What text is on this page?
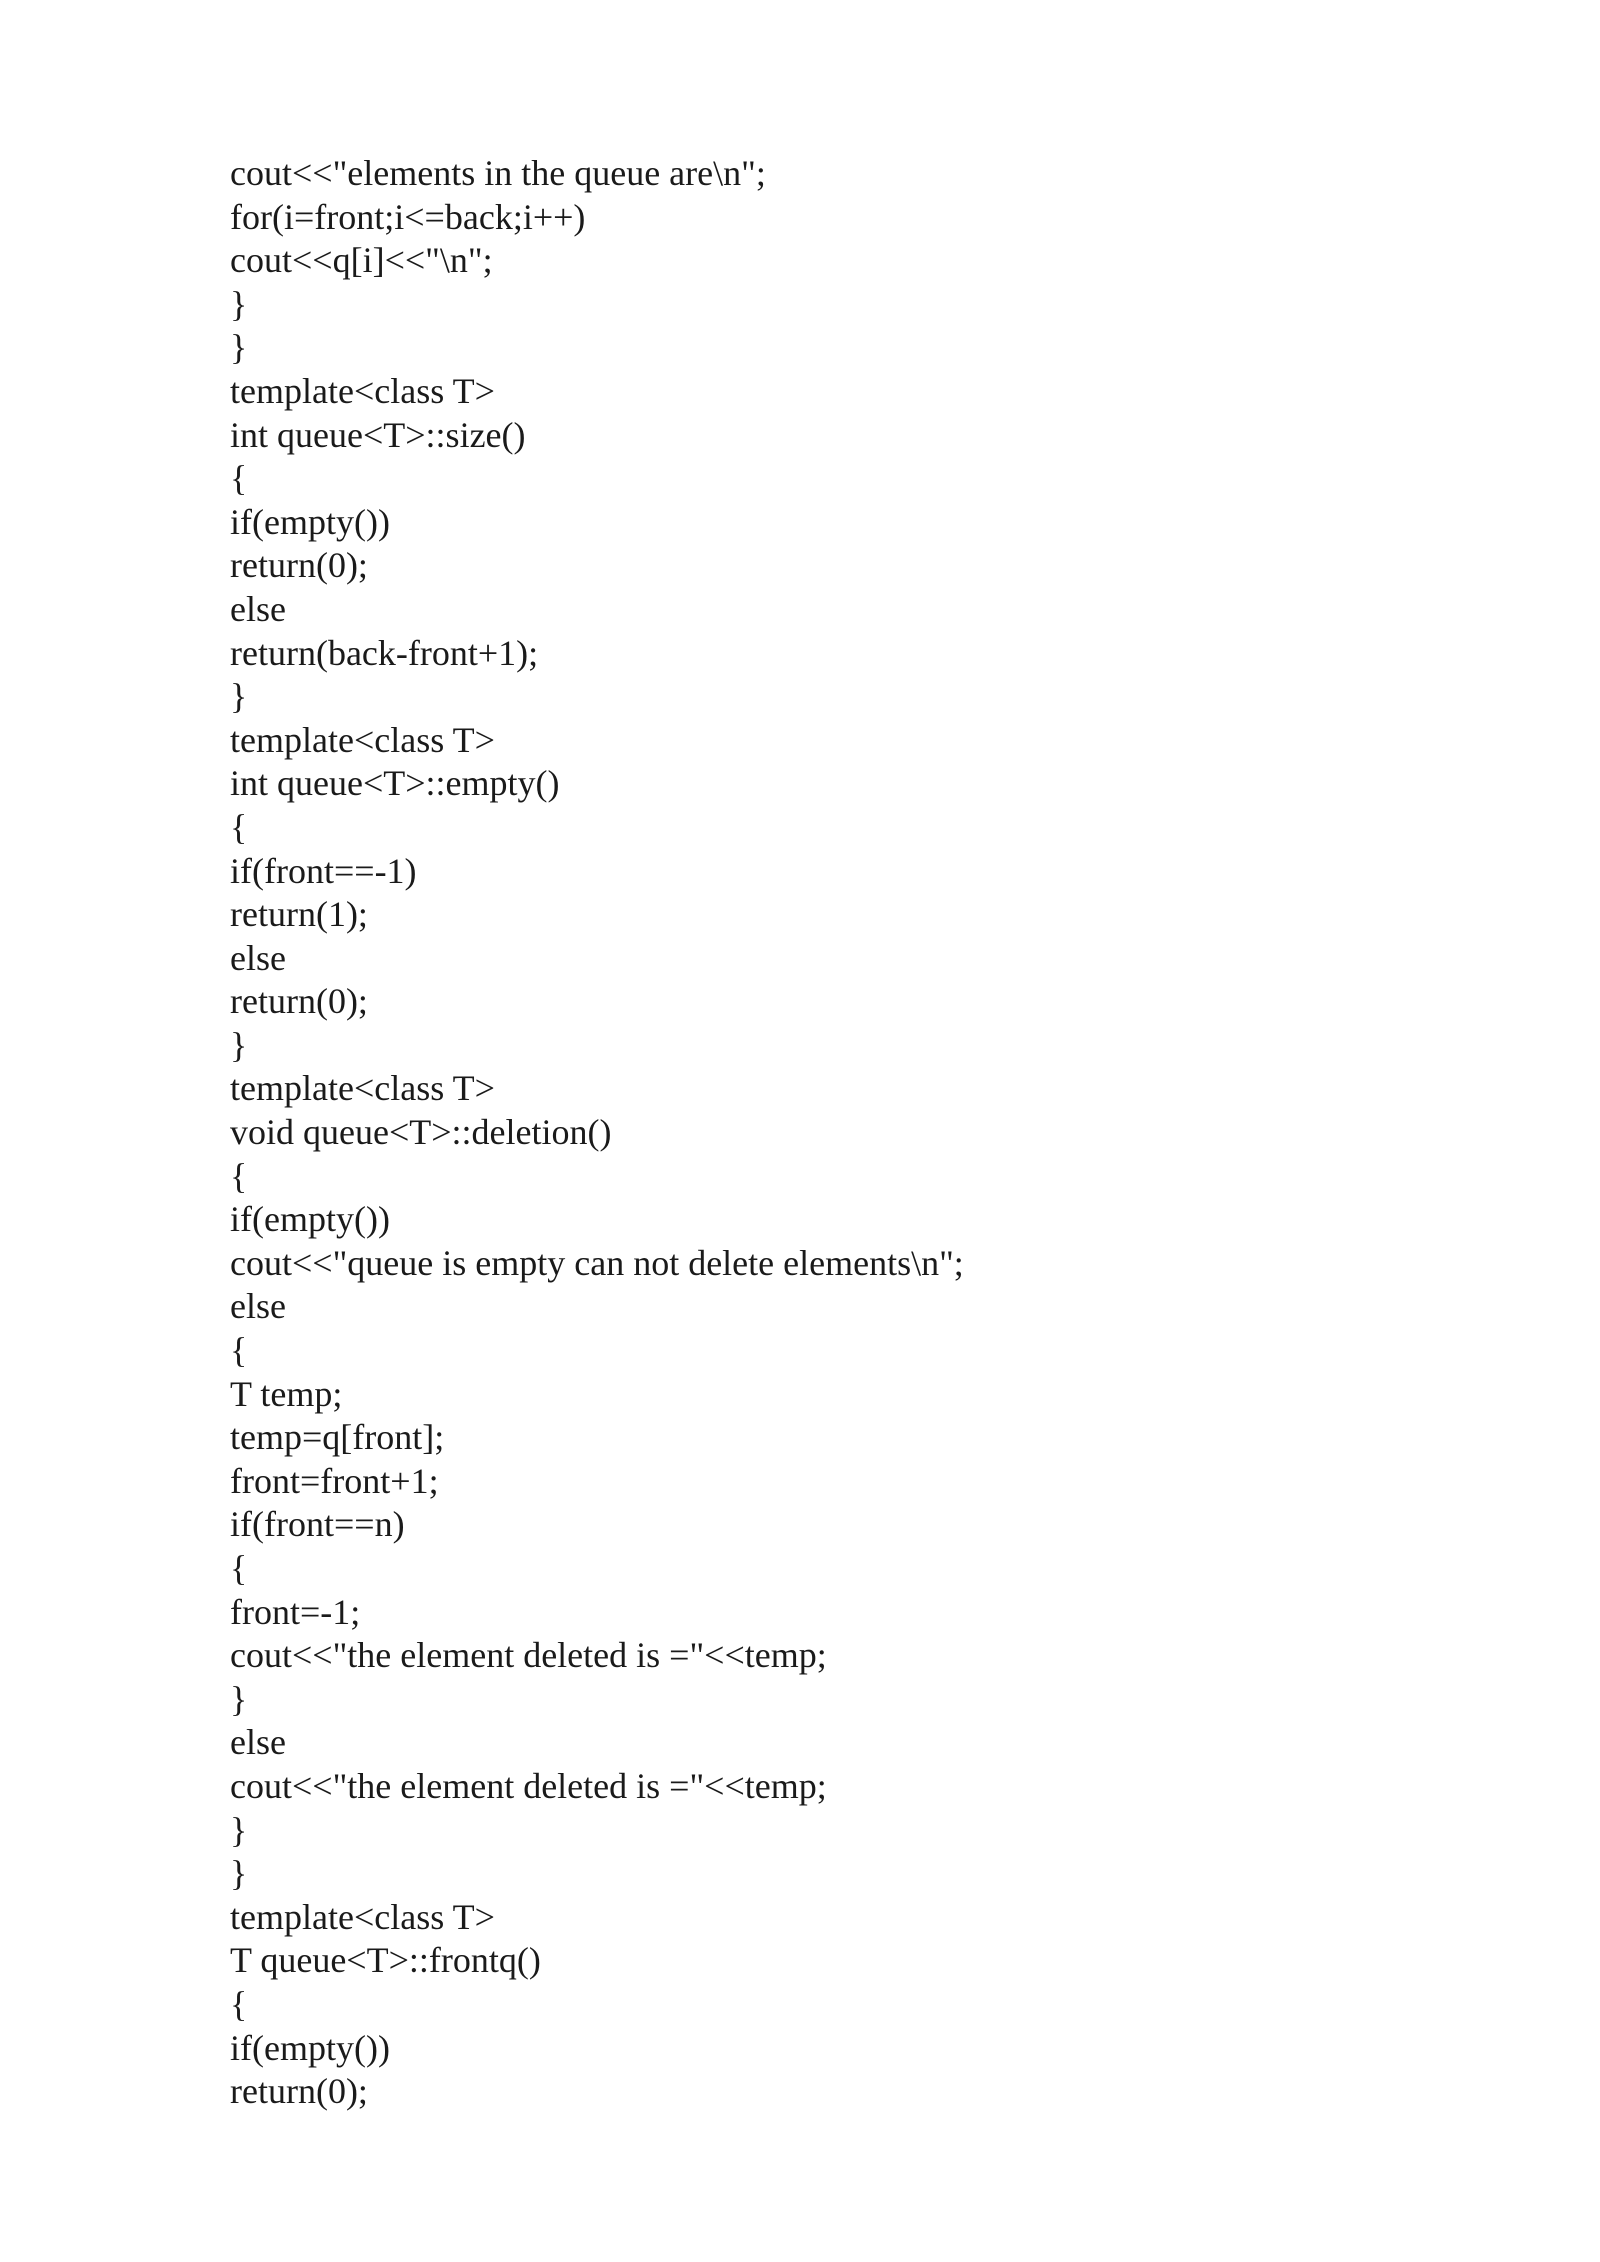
cout<<"elements in the queue are\n";
for(i=front;i<=back;i++)
cout<<q[i]<<"\n";
}
}
template<class T>
int queue<T>::size()
{
if(empty())
return(0);
else
return(back-front+1);
}
template<class T>
int queue<T>::empty()
{
if(front==-1)
return(1);
else
return(0);
}
template<class T>
void queue<T>::deletion()
{
if(empty())
cout<<"queue is empty can not delete elements\n";
else
{
T temp;
temp=q[front];
front=front+1;
if(front==n)
{
front=-1;
cout<<"the element deleted is ="<<temp;
}
else
cout<<"the element deleted is ="<<temp;
}
}
template<class T>
T queue<T>::frontq()
{
if(empty())
return(0);
